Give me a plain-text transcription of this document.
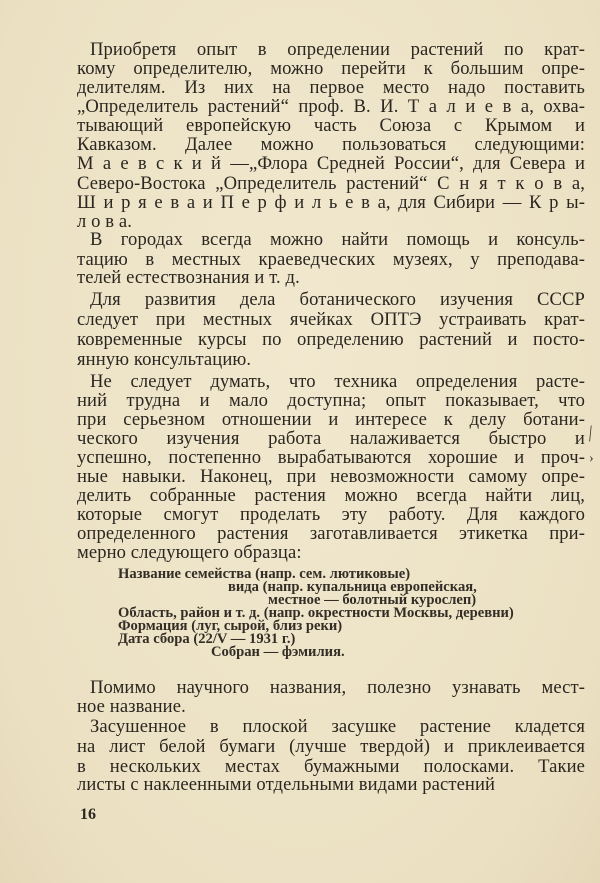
Приобретя опыт в определении растений по крат-
кому определителю, можно перейти к большим опре-
делителям. Из них на первое место надо поставить
„Определитель растений“ проф. В. И. Т а л и е в а, охва-
тывающий европейскую часть Союза с Крымом и
Кавказом. Далее можно пользоваться следующими:
М а е в с к и й —„Флора Средней России“, для Севера и
Северо-Востока „Определитель растений“ С н я т к о в а,
Ш и р я е в а и П е р ф и л ь е в а, для Сибири — К р ы-
л о в а.
В городах всегда можно найти помощь и консуль-
тацию в местных краеведческих музеях, у преподава-
телей естествознания и т. д.
Для развития дела ботанического изучения СССР
следует при местных ячейках ОПТЭ устраивать крат-
ковременные курсы по определению растений и посто-
янную консультацию.
Не следует думать, что техника определения расте-
ний трудна и мало доступна; опыт показывает, что
при серьезном отношении и интересе к делу ботани-
ческого изучения работа налаживается быстро и
успешно, постепенно вырабатываются хорошие и проч-
ные навыки. Наконец, при невозможности самому опре-
делить собранные растения можно всегда найти лиц,
которые смогут проделать эту работу. Для каждого
определенного растения заготавливается этикетка при-
мерно следующего образца:
Помимо научного названия, полезно узнавать мест-
ное название.
Засушенное в плоской засушке растение кладется
на лист белой бумаги (лучше твердой) и приклеивается
в нескольких местах бумажными полосками. Такие
листы с наклеенными отдельными видами растений
Название семейства (напр. сем. лютиковые)
вида (напр. купальница европейская,
местное — болотный курослеп)
Область, район и т. д. (напр. окрестности Москвы, деревни)
Формация (луг, сырой, близ реки)
Дата сбора (22/V — 1931 г.)
Собран — фэмилия.
16
⁄
›
